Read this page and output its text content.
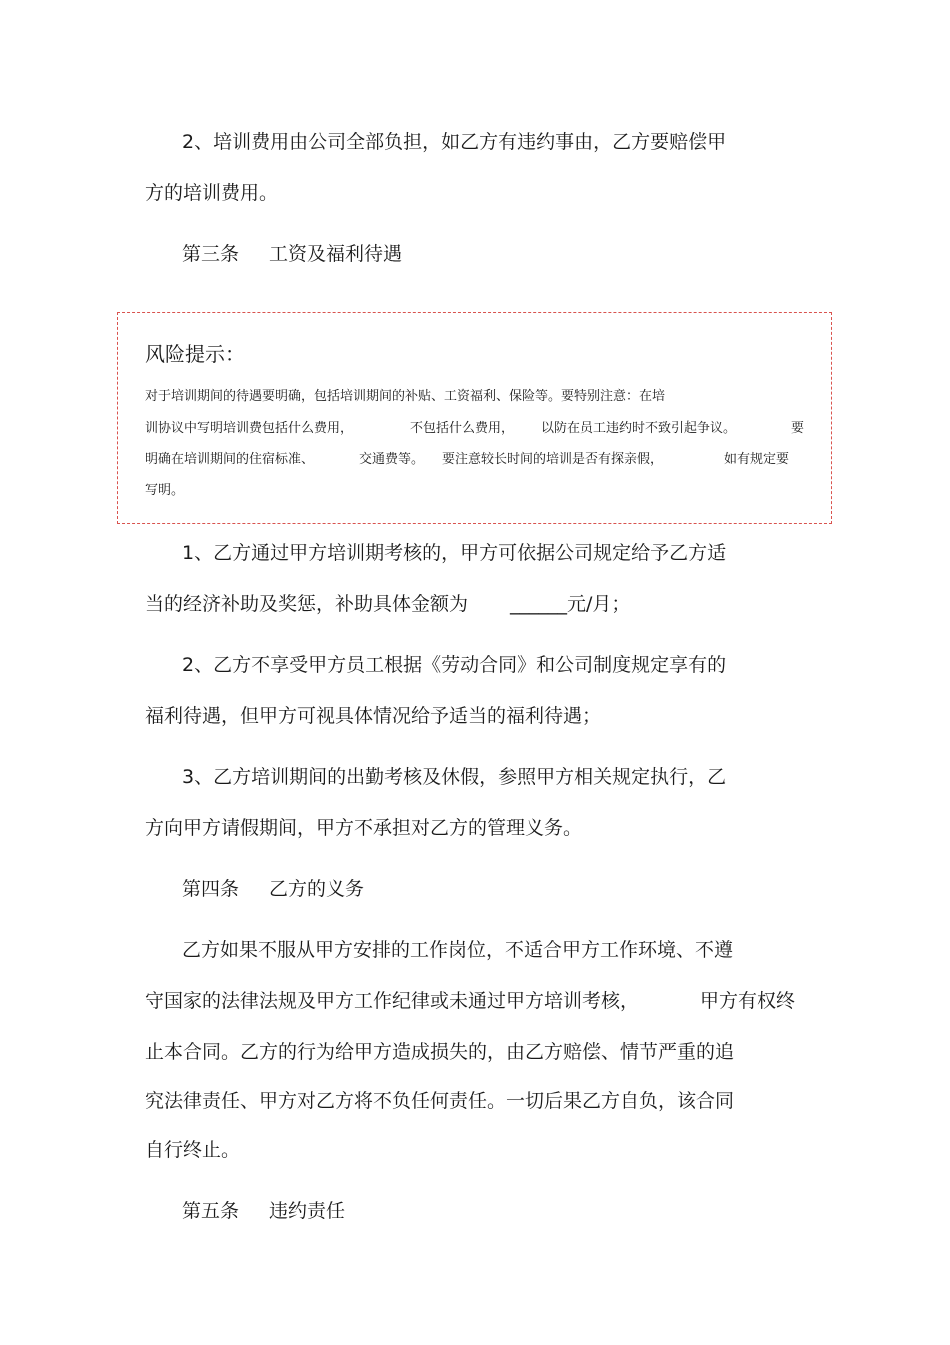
2、培训费用由公司全部负担，如乙方有违约事由，乙方要赔偿甲
方的培训费用。
第三条 工资及福利待遇
风险提示：
对于培训期间的待遇要明确，包括培训期间的补贴、工资福利、保险等。要特别注意：在培
训协议中写明培训费包括什么费用，	不包括什么费用， 以防在员工违约时不致引起争议。	要
明确在培训期间的住宿标准、	交通费等。 要注意较长时间的培训是否有探亲假，	如有规定要
写明。
1、乙方通过甲方培训期考核的，甲方可依据公司规定给予乙方适
当的经济补助及奖惩，补助具体金额为 ______元/月；
2、乙方不享受甲方员工根据《劳动合同》和公司制度规定享有的
福利待遇，但甲方可视具体情况给予适当的福利待遇；
3、乙方培训期间的出勤考核及休假，参照甲方相关规定执行，乙
方向甲方请假期间，甲方不承担对乙方的管理义务。
第四条 乙方的义务
乙方如果不服从甲方安排的工作岗位，不适合甲方工作环境、不遵
守国家的法律法规及甲方工作纪律或未通过甲方培训考核，	甲方有权终
止本合同。乙方的行为给甲方造成损失的，由乙方赔偿、情节严重的追
究法律责任、甲方对乙方将不负任何责任。一切后果乙方自负，该合同
自行终止。
第五条 违约责任
